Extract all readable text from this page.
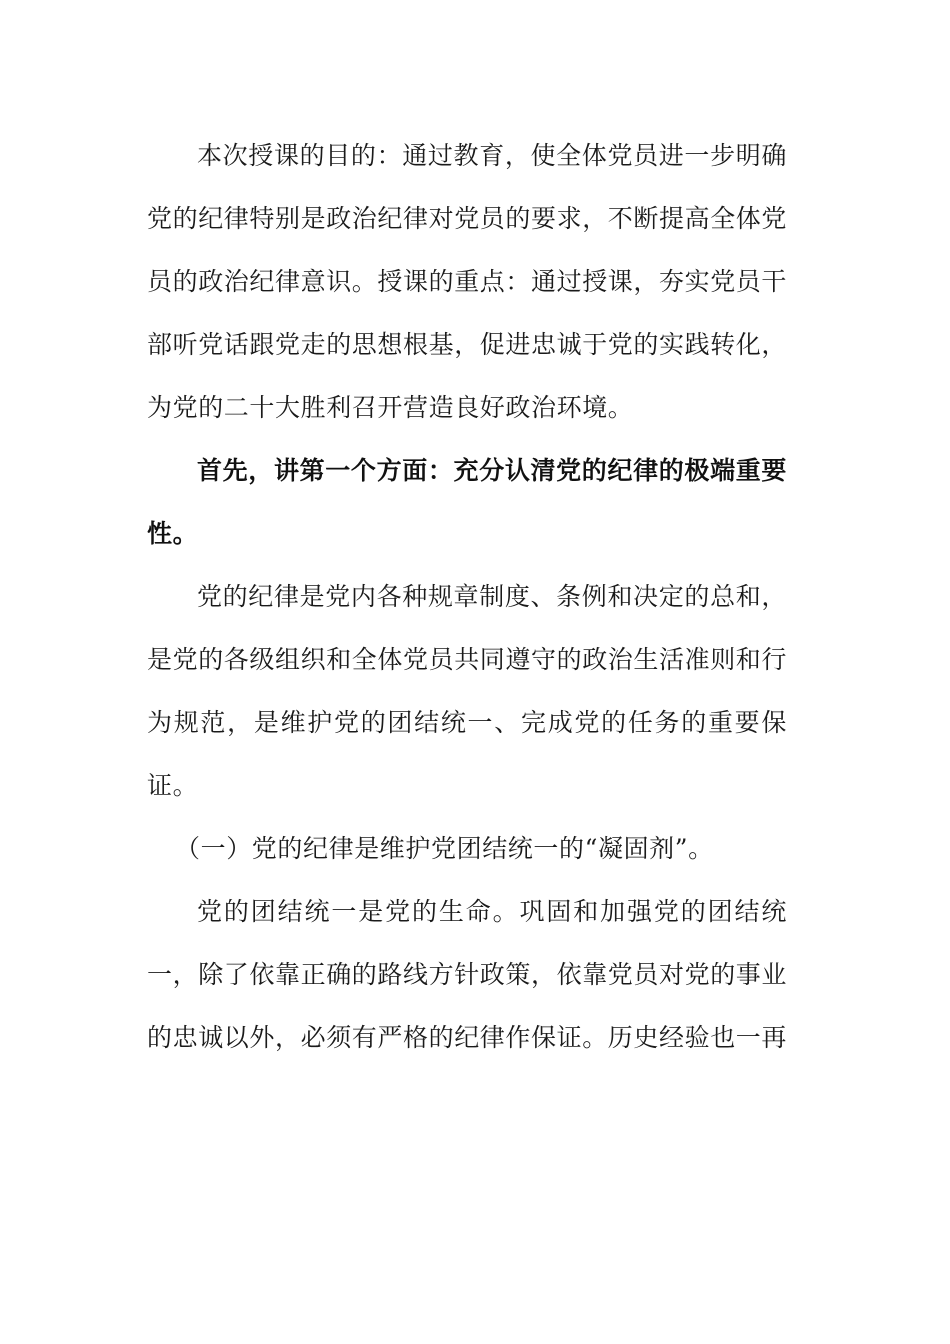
本次授课的目的：通过教育，使全体党员进一步明确党的纪律特别是政治纪律对党员的要求，不断提高全体党员的政治纪律意识。授课的重点：通过授课，夯实党员干部听党话跟党走的思想根基，促进忠诚于党的实践转化，为党的二十大胜利召开营造良好政治环境。

首先，讲第一个方面：充分认清党的纪律的极端重要性。

党的纪律是党内各种规章制度、条例和决定的总和，是党的各级组织和全体党员共同遵守的政治生活准则和行为规范，是维护党的团结统一、完成党的任务的重要保证。

（一）党的纪律是维护党团结统一的“凝固剂”。

党的团结统一是党的生命。巩固和加强党的团结统一，除了依靠正确的路线方针政策，依靠党员对党的事业的忠诚以外，必须有严格的纪律作保证。历史经验也一再
